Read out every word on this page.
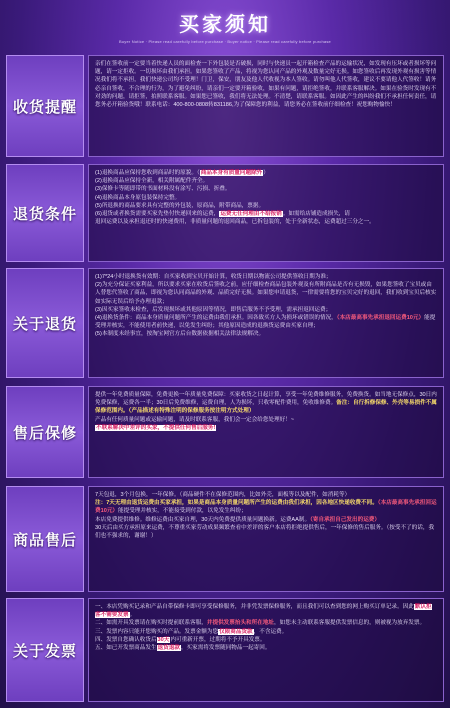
买家须知
Buyer Notice · Please read carefully before purchase · Buyer notice · Please read carefully before purchase
收货提醒

亲们在签收前一定要当着快递人员的面检查一下外包装是否破损，同时与快递员一起开箱检查产品的运输状况，如发现有压坏或者损坏等问题，请一定拒收。一切损坏由我们承担。如果您签收了产品，将视为您认同产品的外观及数量完好无损。如您签收后再发现外观有损害等情况我们将不承担，我们快递公司均不受理！门卫，保安，朋友及他人代收视为本人签收。请勿叫他人代签收，建议不要请他人代签收！请务必亲自签收，不合理的行为，为了避免纠纷，请亲们一定要开箱验收，如果有问题，请拒绝签收，并联系客服解决。如果在验货时发现有不对劲的问题，请拒签，拍照联系客服。如果您已签收，我们将无法处理。不清楚，请联系客服。如因此产生的纠纷我们不承担任何责任，请您务必开箱验货哦！联系电话：400-800-0808转831186,为了保障您的利益，请您务必在签收前仔细检查！祝您购物愉快！

退货条件

(1)退换商品应保持您收到商品时的原貌。（商品本身有质量问题除外）

(2)退换商品应保持全新，相关附属配件齐全。

(3)保修卡等随即带的书面材料没有涂写、污损、折叠。

(4)退换商品本身原包装保持完整。

(5)所退换的商品要求具有完整的外包装，原商品，附带商品，票据。

(6)退货或者换货需要买家先垫付快递回来的运费，运费无任何理由不给报销。如需给店铺造成损失，请

退回运费以及承担退还时的快递费用，非质量问题的退回商品，已拆包装的，处于全新状态，运费超过三分之一。

关于退货

(1)7*24小时退换货有效期：自买家收到宝贝开始计算，收货日期以物流公司提供签收日期为准；

(2)为充分保证买家利益，所以要求买家在收货后签收之前，应仔细检查商品包装外观及有所附商品是否有无损毁，如果您签收了宝贝或由人替您代签收了商品，即视为您认同商品的外观、品质完好无损。如果您申请退货，一律需要将您的宝贝完好的退回，我们收到宝贝后核实如实际无误后给予办理退款；

(3)因买家签收未检查，后发现损坏或其他原因等情况，即售后服务不予受理，需承担返回运费；

(4)退换货条件：商品本身质量问题所产生的运费由我们承担。因各致买方人为损坏或错误的情况，（本店最高事先承担退回运费10元）能提受理并核实，不能使用者前快递，以免发生纠纷；其他原因造成的退换货运费由买家自理；

(5)本制度未经事宜，按淘宝网官方后台数据依据相关法律法规解决。

售后保修

提供一年免费质量保障，免费更换一年质量免费保障：买家收货之日起计算，享受一年免费维修服务，免费换货。如当地无保修点，30日内免费保修，运费各一半；30日后免费维修，运费自理，人为损坏，只收零配件费用，免收维修费。备注：自行拆修保修、外壳等易损件不属保修范围内。（产品描述有特殊注明的保修服务按注明方式处理）

产品有任何质量问题或运输问题，请及时联系客服，我们会一定会给您处理好！~

不联系解决中差评的买家，不提供任何售后服务!

商品售后

7天包退，3个月包换，一年保修。（商品硬件不在保修范围内，比如外壳，面板等以及配件，如消耗等）

注：7天无理由退货运费由买家承担，如果是商品本身质量问题所产生的运费由我们承担，因各地区快递收费不同。（本店最高事先承担回运费10元）能提受理并核实，不能接受到付款，以免发生纠纷；

本店免费提供维修。维修运费由买家自理，30天内免费提供质量问题换新。运费AA制。（寄自承担自己发出的运费）

30天后由买方承担原来运费，不尊重买家劳动成果频繁查看中差评的客户本店将拒绝提供售后，一年保修的售后服务。（按受不了的话，我们也不强求的，谢谢！）

关于发票

一、本店凭购买记录和产品自带保修卡即可享受保修服务，并非凭发票保修服务，而且我们可以查到您的网上购买订单记录。因此默认拒客不需要发票。

二、如需开具发票请在购买时提前联系客服，并提供发票抬头和所在地址，如您未主动联系客服提供发票信息的，则被视为放弃发票。

三、发票内容只能开您购买的产品。发票金额为您仅限商品货款，不含运费。

四、发票自您确认收货后30天内可重新开票，过期将不予开具发票。

五、如已开发票商品发生退货退款，买家需将发票随同物品一起寄回。
